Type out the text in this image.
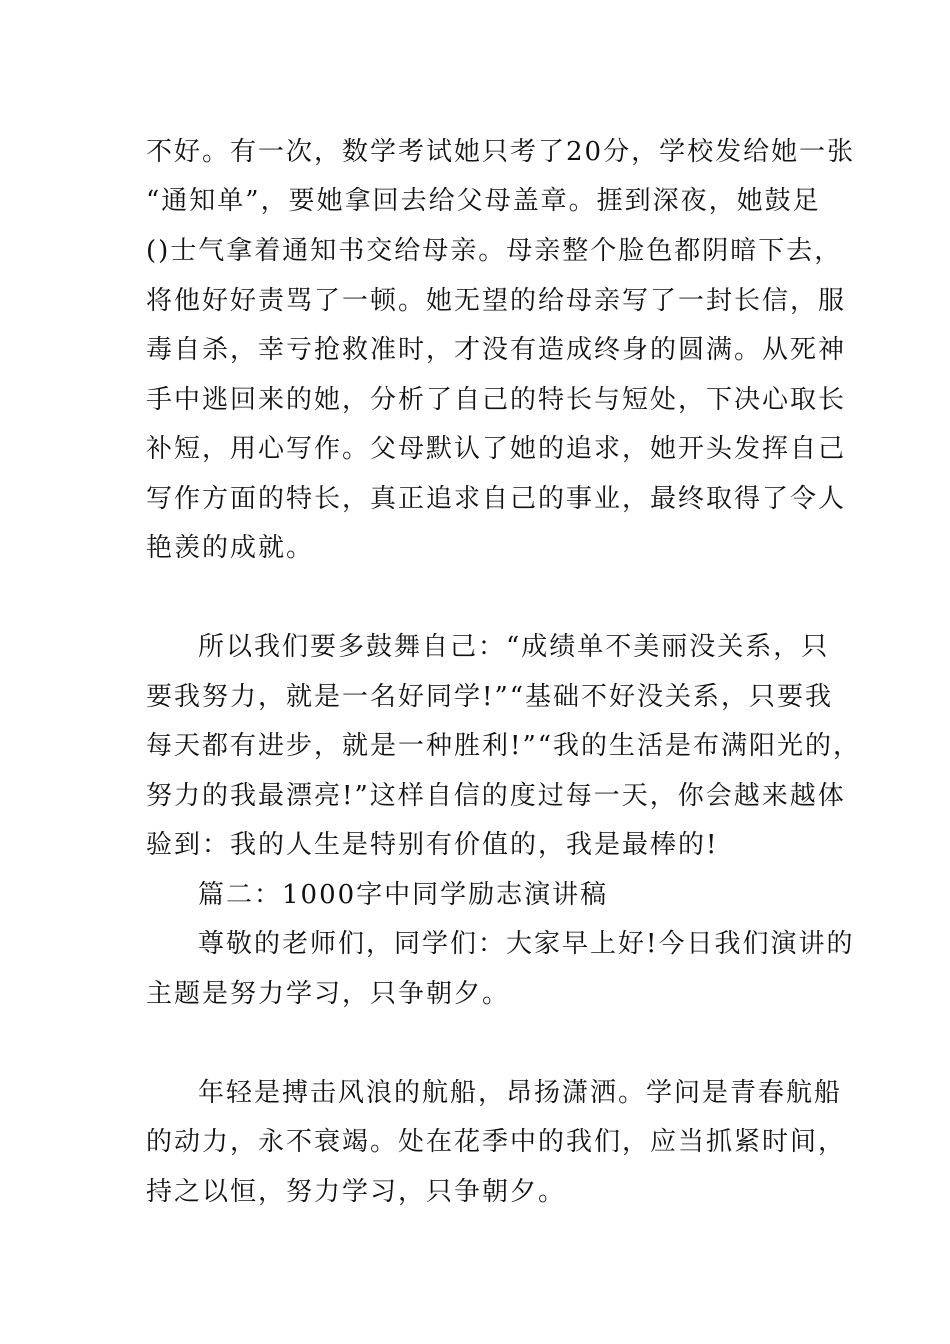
不好。有一次，数学考试她只考了20分，学校发给她一张
“通知单”，要她拿回去给父母盖章。捱到深夜，她鼓足
()士气拿着通知书交给母亲。母亲整个脸色都阴暗下去，
将他好好责骂了一顿。她无望的给母亲写了一封长信，服
毒自杀，幸亏抢救准时，才没有造成终身的圆满。从死神
手中逃回来的她，分析了自己的特长与短处，下决心取长
补短，用心写作。父母默认了她的追求，她开头发挥自己
写作方面的特长，真正追求自己的事业，最终取得了令人
艳羡的成就。
所以我们要多鼓舞自己：“成绩单不美丽没关系，只
要我努力，就是一名好同学!”“基础不好没关系，只要我
每天都有进步，就是一种胜利!”“我的生活是布满阳光的，
努力的我最漂亮!”这样自信的度过每一天，你会越来越体
验到：我的人生是特别有价值的，我是最棒的!
篇二：1000字中同学励志演讲稿
尊敬的老师们，同学们：大家早上好!今日我们演讲的
主题是努力学习，只争朝夕。
年轻是搏击风浪的航船，昂扬潇洒。学问是青春航船
的动力，永不衰竭。处在花季中的我们，应当抓紧时间，
持之以恒，努力学习，只争朝夕。
